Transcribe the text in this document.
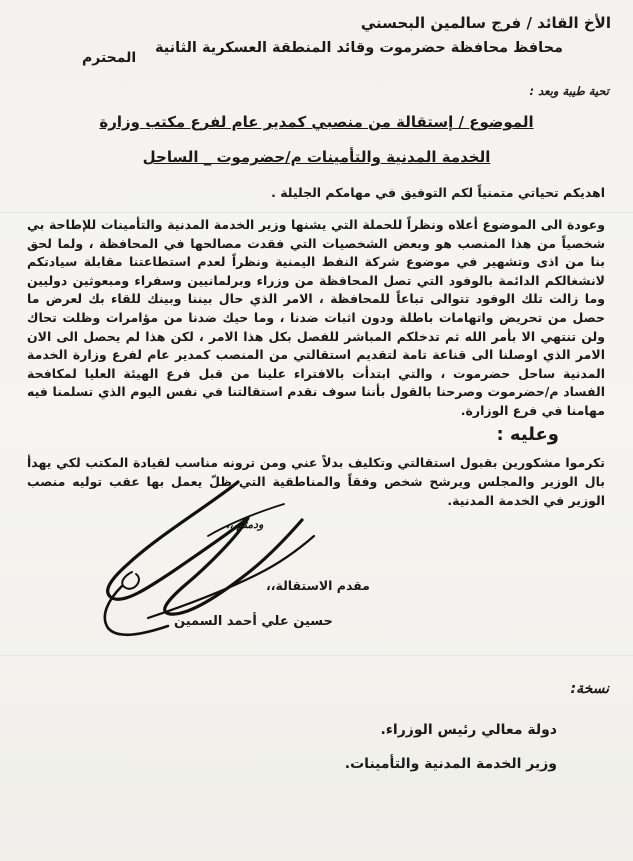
الأخ القائد / فرج سالمين البحسني
محافظ محافظة حضرموت وقائد المنطقة العسكرية الثانية
المحترم
تحية طيبة وبعد :
الموضوع / إستقالة من منصبي كمدير عام لفرع مكتب وزارة
الخدمة المدنية والتأمينات م/حضرموت _ الساحل
اهديكم تحياتي متمنياً لكم التوفيق في مهامكم الجليلة .
وعودة الى الموضوع أعلاه ونظراً للحملة التي يشنها وزير الخدمة المدنية والتأمينات للإطاحة بي شخصياً من هذا المنصب هو وبعض الشخصيات التي فقدت مصالحها في المحافظة ، ولما لحق بنا من اذى وتشهير في موضوع شركة النفط اليمنية ونظراً لعدم استطاعتنا مقابلة سيادتكم لانشغالكم الدائمة بالوفود التي تصل المحافظة من وزراء وبرلمانيين وسفراء ومبعوثين دوليين وما زالت تلك الوفود تتوالى تباعاً للمحافظة ، الامر الذي حال بيننا وبينك للقاء بك لعرض ما حصل من تحريض واتهامات باطلة ودون اثبات ضدنا ، وما حيك ضدنا من مؤامرات وظلت تحاك ولن تنتهي الا بأمر الله ثم تدخلكم المباشر للفصل بكل هذا الامر ، لكن هذا لم يحصل الى الان الامر الذي اوصلنا الى قناعة تامة لتقديم استقالتي من المنصب كمدير عام لفرع وزارة الخدمة المدنية ساحل حضرموت ، والتي ابتدأت بالافتراء علينا من قبل فرع الهيئة العليا لمكافحة الفساد م/حضرموت وصرحنا بالقول بأننا سوف نقدم استقالتنا في نفس اليوم الذي تسلمنا فيه مهامنا في فرع الوزارة.
وعليه :
تكرموا مشكورين بقبول استقالتي وتكليف بدلاً عني ومن ترونه مناسب لقيادة المكتب لكي يهدأ بال الوزير والمجلس ويرشح شخص وفقاً والمناطقية التي ظلّ يعمل بها عقب توليه منصب الوزير في الخدمة المدنية.
ودمتم،،،
مقدم الاستقالة،،
حسين علي أحمد السمين
نسخة:
دولة معالي رئيس الوزراء.
وزير الخدمة المدنية والتأمينات.
